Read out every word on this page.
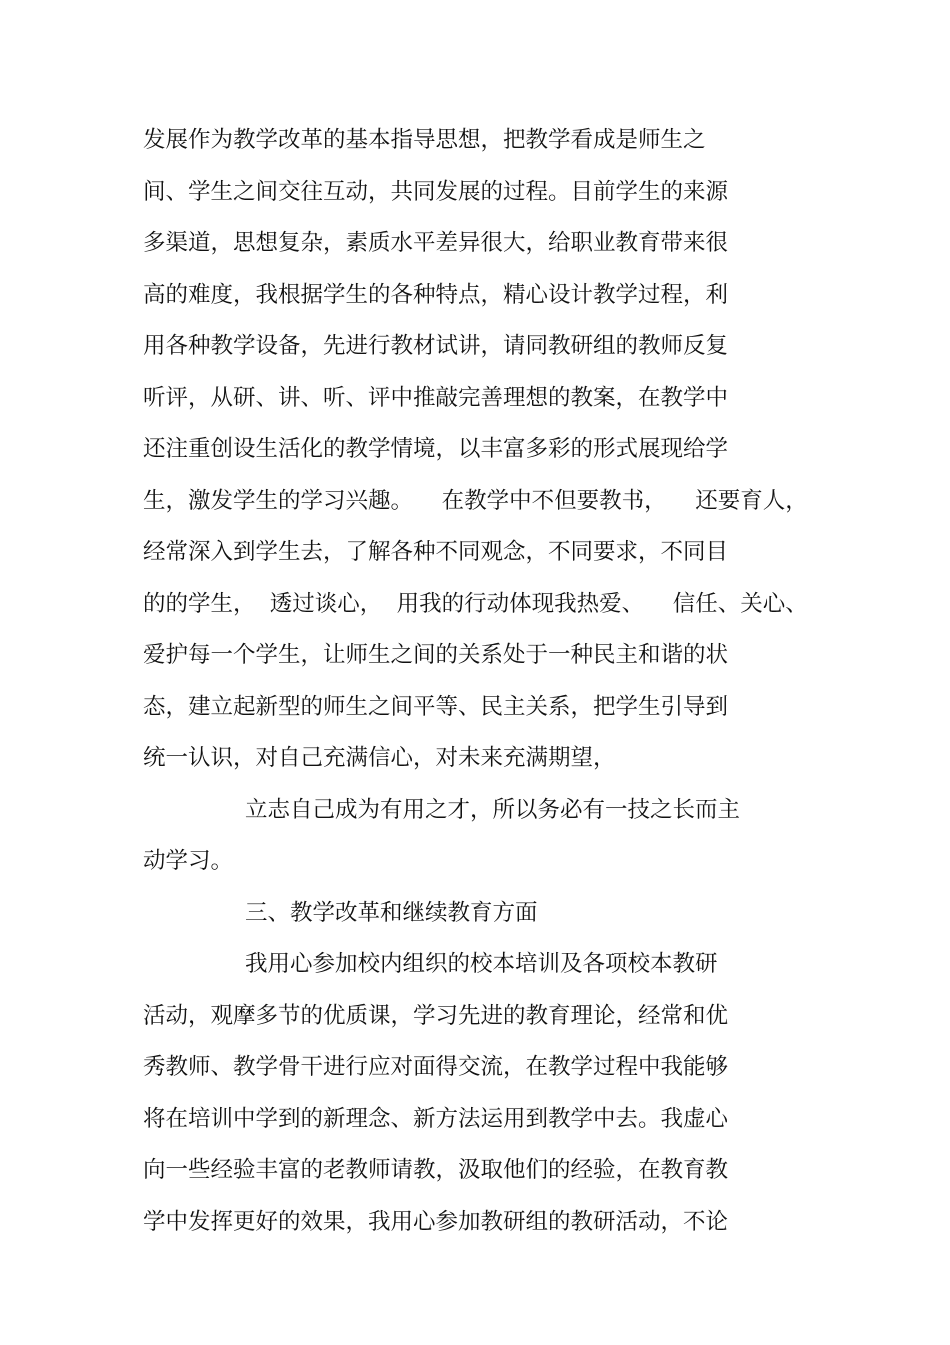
发展作为教学改革的基本指导思想，把教学看成是师生之
间、学生之间交往互动，共同发展的过程。目前学生的来源
多渠道，思想复杂，素质水平差异很大，给职业教育带来很
高的难度，我根据学生的各种特点，精心设计教学过程，利
用各种教学设备，先进行教材试讲，请同教研组的教师反复
听评，从研、讲、听、评中推敲完善理想的教案，在教学中
还注重创设生活化的教学情境，以丰富多彩的形式展现给学
生，激发学生的学习兴趣。    在教学中不但要教书，    还要育人，
经常深入到学生去，了解各种不同观念，不同要求，不同目
的的学生，  透过谈心，  用我的行动体现我热爱、    信任、关心、
爱护每一个学生，让师生之间的关系处于一种民主和谐的状
态，建立起新型的师生之间平等、民主关系，把学生引导到
统一认识，对自己充满信心，对未来充满期望，
立志自己成为有用之才，所以务必有一技之长而主
动学习。
三、教学改革和继续教育方面
我用心参加校内组织的校本培训及各项校本教研
活动，观摩多节的优质课，学习先进的教育理论，经常和优
秀教师、教学骨干进行应对面得交流，在教学过程中我能够
将在培训中学到的新理念、新方法运用到教学中去。我虚心
向一些经验丰富的老教师请教，汲取他们的经验，在教育教
学中发挥更好的效果，我用心参加教研组的教研活动，不论
